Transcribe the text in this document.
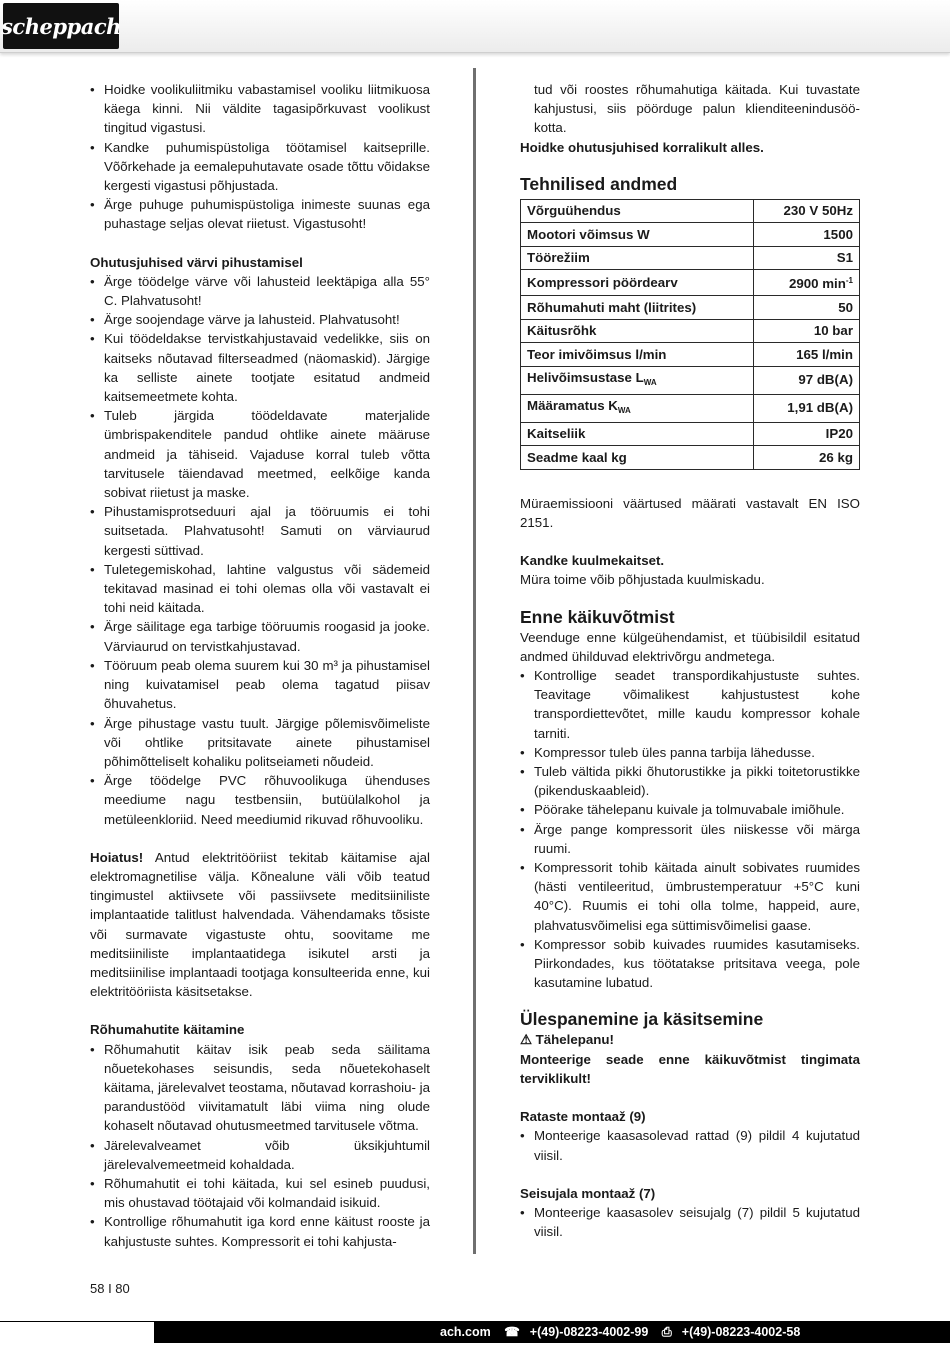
scheppach
• Hoidke voolikuliitmiku vabastamisel vooliku liitmikuosa käega kinni. Nii väldite tagasipõrkuvast voolikust tingitud vigastusi.
• Kandke puhumispüstoliga töötamisel kaitseprille. Võõrkehade ja eemalepuhutavate osade tõttu võidakse kergesti vigastusi põhjustada.
• Ärge puhuge puhumispüstoliga inimeste suunas ega puhastage seljas olevat riietust. Vigastusoht!

Ohutusjuhised värvi pihustamisel

• Ärge töödelge värve või lahusteid leektäpiga alla 55° C. Plahvatusoht!
• Ärge soojendage värve ja lahusteid. Plahvatusoht!
• Kui töödeldakse tervistkahjustavaid vedelikke, siis on kaitseks nõutavad filterseadmed (näomaskid). Järgige ka selliste ainete tootjate esitatud andmeid kaitsemeetmete kohta.
• Tuleb järgida töödeldavate materjalide ümbrispakenditele pandud ohtlike ainete määruse andmeid ja tähiseid. Vajaduse korral tuleb võtta tarvitusele täiendavad meetmed, eelkõige kanda sobivat riietust ja maske.
• Pihustamisprotseduuri ajal ja tööruumis ei tohi suitsetada. Plahvatusoht! Samuti on värviaurud kergesti süttivad.
• Tuletegemiskohad, lahtine valgustus või sädemeid tekitavad masinad ei tohi olemas olla või vastavalt ei tohi neid käitada.
• Ärge säilitage ega tarbige tööruumis roogasid ja jooke. Värviaurud on tervistkahjustavad.
• Tööruum peab olema suurem kui 30 m³ ja pihustamisel ning kuivatamisel peab olema tagatud piisav õhuvahetus.
• Ärge pihustage vastu tuult. Järgige põlemisvõimeliste või ohtlike pritsitavate ainete pihustamisel põhimõtteliselt kohaliku politseiameti nõudeid.
• Ärge töödelge PVC rõhuvoolikuga ühenduses meediume nagu testbensiin, butüülalkohol ja metüleenkloriid. Need meediumid rikuvad rõhuvooliku.

Hoiatus! Antud elektritööriist tekitab käitamise ajal elektromagnetilise välja. Kõnealune väli võib teatud tingimustel aktiivsete või passiivsete meditsiiniliste implantaatide talitlust halvendada. Vähendamaks tõsiste või surmavate vigastuste ohtu, soovitame me meditsiiniliste implantaatidega isikutel arsti ja meditsiinilise implantaadi tootjaga konsulteerida enne, kui elektritööriista käsitsetakse.

Rõhumahutite käitamine

• Rõhumahutit käitav isik peab seda säilitama nõuetekohases seisundis, seda nõuetekohaselt käitama, järelevalvet teostama, nõutavad korrashoiu- ja parandustööd viivitamatult läbi viima ning olude kohaselt nõutavad ohutusmeetmed tarvitusele võtma.
• Järelevalveamet võib üksikjuhtumil järelevalvemeetmeid kohaldada.
• Rõhumahutit ei tohi käitada, kui sel esineb puudusi, mis ohustavad töötajaid või kolmandaid isikuid.
• Kontrollige rõhumahutit iga kord enne käitust rooste ja kahjustuste suhtes. Kompressorit ei tohi kahjusta-

tud või roostes rõhumahutiga käitada. Kui tuvastate kahjustusi, siis pöörduge palun klienditeenindusöö-kotta.

Hoidke ohutusjuhised korralikult alles.

Tehnilised andmed

Võrguühendus	230 V 50Hz
Mootori võimsus W	1500
Töörežiim	S1
Kompressori pöördearv	2900 $\min^{-1}$
Rõhumahuti maht (liitrites)	50
Käitusrõhk	10 bar
Teor imivõimsus l/min	165 l/min
Helivõimsustase $L_{WA}$	97 dB(A)
Määramatus $K_{WA}$	1,91 dB(A)
Kaitseliik	IP20
Seadme kaal kg	26 kg

Müraemissiooni väärtused määrati vastavalt EN ISO 2151.

Kandke kuulmekaitset.

Müra toime võib põhjustada kuulmiskadu.

Enne käikuvõtmist

Veenduge enne külgeühendamist, et tüübisildil esitatud andmed ühilduvad elektrivõrgu andmetega.

• Kontrollige seadet transpordikahjustuste suhtes. Teavitage võimalikest kahjustustest kohe transpordiettevõtet, mille kaudu kompressor kohale tarniti.
• Kompressor tuleb üles panna tarbija lähedusse.
• Tuleb vältida pikki õhutorustikke ja pikki toitetorustikke (pikenduskaableid).
• Pöörake tähelepanu kuivale ja tolmuvabale imiõhule.
• Ärge pange kompressorit üles niiskesse või märga ruumi.
• Kompressorit tohib käitada ainult sobivates ruumides (hästi ventileeritud, ümbrustemperatuur +5°C kuni 40°C). Ruumis ei tohi olla tolme, happeid, aure, plahvatusvõimelisi ega süttimisvõimelisi gaase.
• Kompressor sobib kuivades ruumides kasutamiseks. Piirkondades, kus töötatakse pritsitava veega, pole kasutamine lubatud.

Ülespanemine ja käsitsemine

⚠ Tähelepanu!

Monteerige seade enne käikuvõtmist tingimata terviklikult!

Rataste montaaž (9)

• Monteerige kaasasolevad rattad (9) pildil 4 kujutatud viisil.

Seisujala montaaž (7)

• Monteerige kaasasolev seisujalg (7) pildil 5 kujutatud viisil.
58 I 80
ach.com ☎ +(49)-08223-4002-99 ⎙ +(49)-08223-4002-58
